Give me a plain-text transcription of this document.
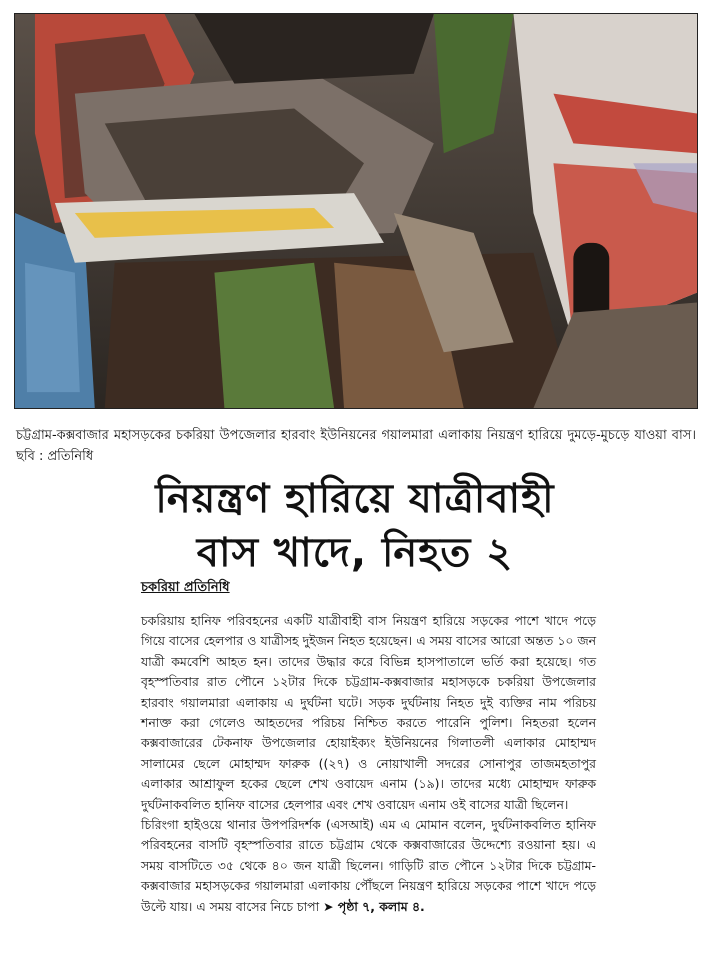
চট্টগ্রাম-কক্সবাজার মহাসড়কের চকরিয়া উপজেলার হারবাং ইউনিয়নের গয়ালমারা এলাকায় নিয়ন্ত্রণ হারিয়ে দুমড়ে-মুচড়ে যাওয়া বাস। ছবি : প্রতিনিধি
নিয়ন্ত্রণ হারিয়ে যাত্রীবাহী
বাস খাদে, নিহত ২
চকরিয়া প্রতিনিধি

চকরিয়ায় হানিফ পরিবহনের একটি যাত্রীবাহী বাস নিয়ন্ত্রণ হারিয়ে সড়কের পাশে খাদে পড়ে গিয়ে বাসের হেলপার ও যাত্রীসহ দুইজন নিহত হয়েছেন। এ সময় বাসের আরো অন্তত ১০ জন যাত্রী কমবেশি আহত হন। তাদের উদ্ধার করে বিভিন্ন হাসপাতালে ভর্তি করা হয়েছে। গত বৃহস্পতিবার রাত পৌনে ১২টার দিকে চট্টগ্রাম-কক্সবাজার মহাসড়কে চকরিয়া উপজেলার হারবাং গয়ালমারা এলাকায় এ দুর্ঘটনা ঘটে। সড়ক দুর্ঘটনায় নিহত দুই ব্যক্তির নাম পরিচয় শনাক্ত করা গেলেও আহতদের পরিচয় নিশ্চিত করতে পারেনি পুলিশ। নিহতরা হলেন কক্সবাজারের টেকনাফ উপজেলার হোয়াইক্যং ইউনিয়নের গিলাতলী এলাকার মোহাম্মদ সালামের ছেলে মোহাম্মদ ফারুক ((২৭) ও নোয়াখালী সদরের সোনাপুর তাজমহতাপুর এলাকার আশ্রাফুল হকের ছেলে শেখ ওবায়েদ এনাম (১৯)। তাদের মধ্যে মোহাম্মদ ফারুক দুর্ঘটনাকবলিত হানিফ বাসের হেলপার এবং শেখ ওবায়েদ এনাম ওই বাসের যাত্রী ছিলেন।

চিরিংগা হাইওয়ে থানার উপপরিদর্শক (এসআই) এম এ মোমান বলেন, দুর্ঘটনাকবলিত হানিফ পরিবহনের বাসটি বৃহস্পতিবার রাতে চট্টগ্রাম থেকে কক্সবাজারের উদ্দেশ্যে রওয়ানা হয়। এ সময় বাসটিতে ৩৫ থেকে ৪০ জন যাত্রী ছিলেন। গাড়িটি রাত পৌনে ১২টার দিকে চট্টগ্রাম-কক্সবাজার মহাসড়কের গয়ালমারা এলাকায় পৌঁছলে নিয়ন্ত্রণ হারিয়ে সড়কের পাশে খাদে পড়ে উল্টে যায়। এ সময় বাসের নিচে চাপা ➤ পৃষ্ঠা ৭, কলাম ৪.
